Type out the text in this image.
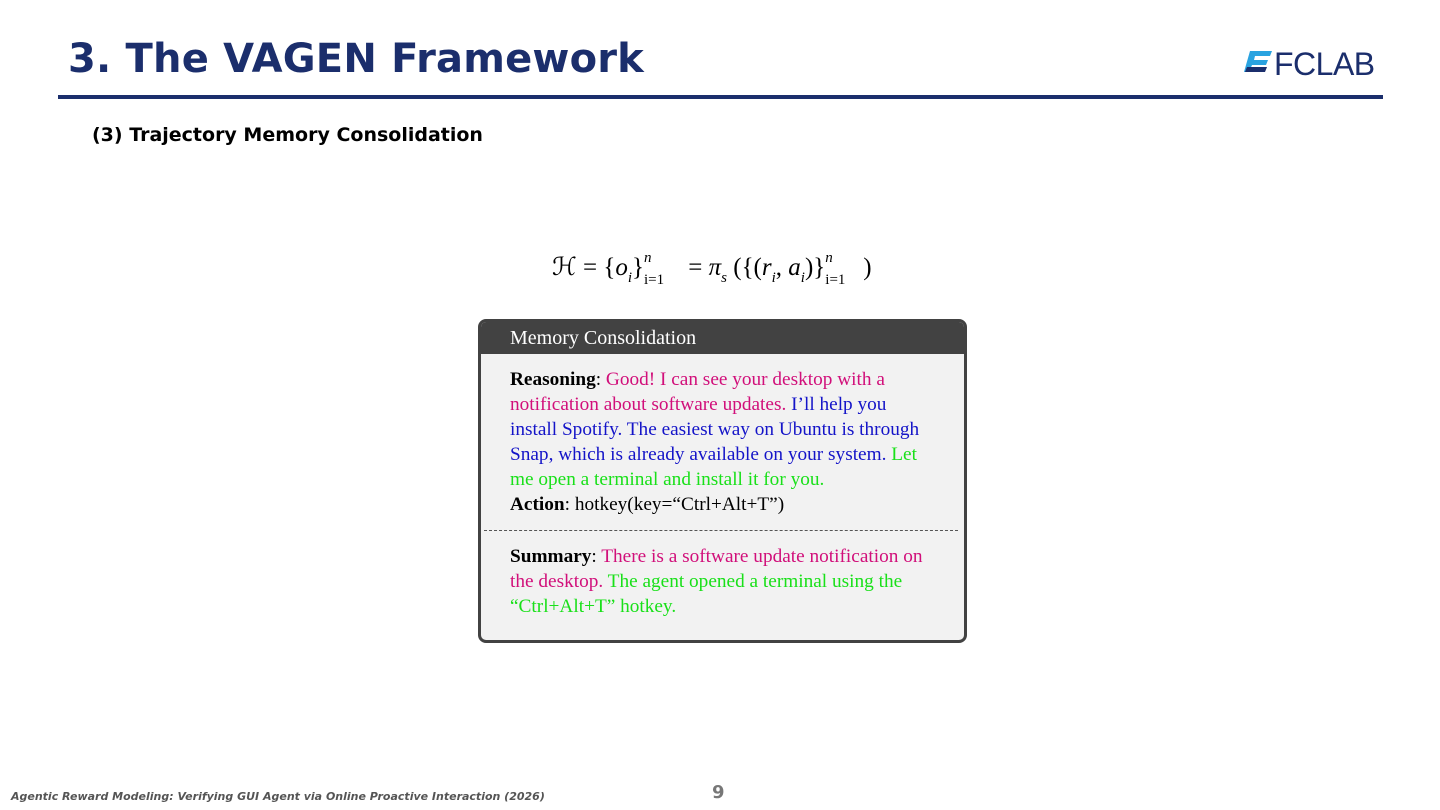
3. The VAGEN Framework	FCLAB
(3) Trajectory Memory Consolidation
ℋ = $\{o_i\}$ n
$i=1 = \pi_s$ ({($r_i$, $a_i$)} n
i=1 )
Memory Consolidation
Reasoning: Good! I can see your desktop with a notification about software updates. I’ll help you install Spotify. The easiest way on Ubuntu is through Snap, which is already available on your system. Let me open a terminal and install it for you.
Action: hotkey(key=“Ctrl+Alt+T”)
Summary: There is a software update notification on the desktop. The agent opened a terminal using the “Ctrl+Alt+T” hotkey.
Agentic Reward Modeling: Verifying GUI Agent via Online Proactive Interaction (2026)	9
